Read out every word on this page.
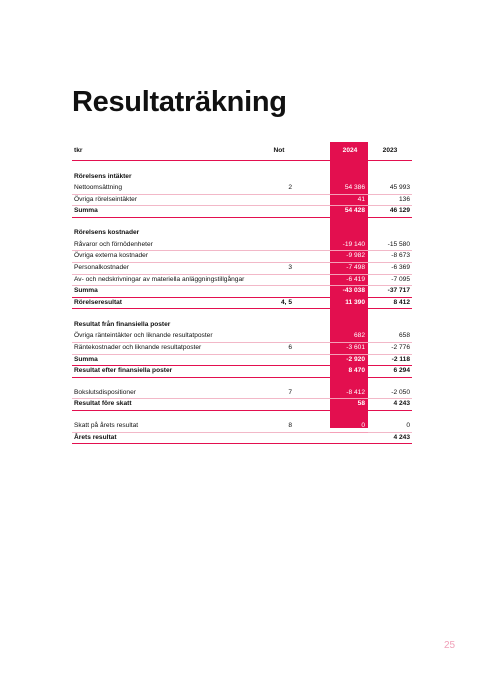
Resultaträkning
tkr	Not		2024	2023

Rörelsens intäkter				
Nettoomsättning	2		54 386	45 993
Övriga rörelseintäkter			41	136
Summa			54 428	46 129

Rörelsens kostnader				
Råvaror och förnödenheter			-19 140	-15 580
Övriga externa kostnader			-9 982	-8 673
Personalkostnader	3		-7 498	-6 369
Av- och nedskrivningar av materiella anläggningstillgångar			-6 419	-7 095
Summa			-43 038	-37 717
Rörelseresultat	4, 5		11 390	8 412

Resultat från finansiella poster				
Övriga ränteintäkter och liknande resultatposter			682	658
Räntekostnader och liknande resultatposter	6		-3 601	-2 776
Summa			-2 920	-2 118
Resultat efter finansiella poster			8 470	6 294

Bokslutsdispositioner	7		-8 412	-2 050
Resultat före skatt			58	4 243

Skatt på årets resultat	8		0	0
Årets resultat			58	4 243
25
